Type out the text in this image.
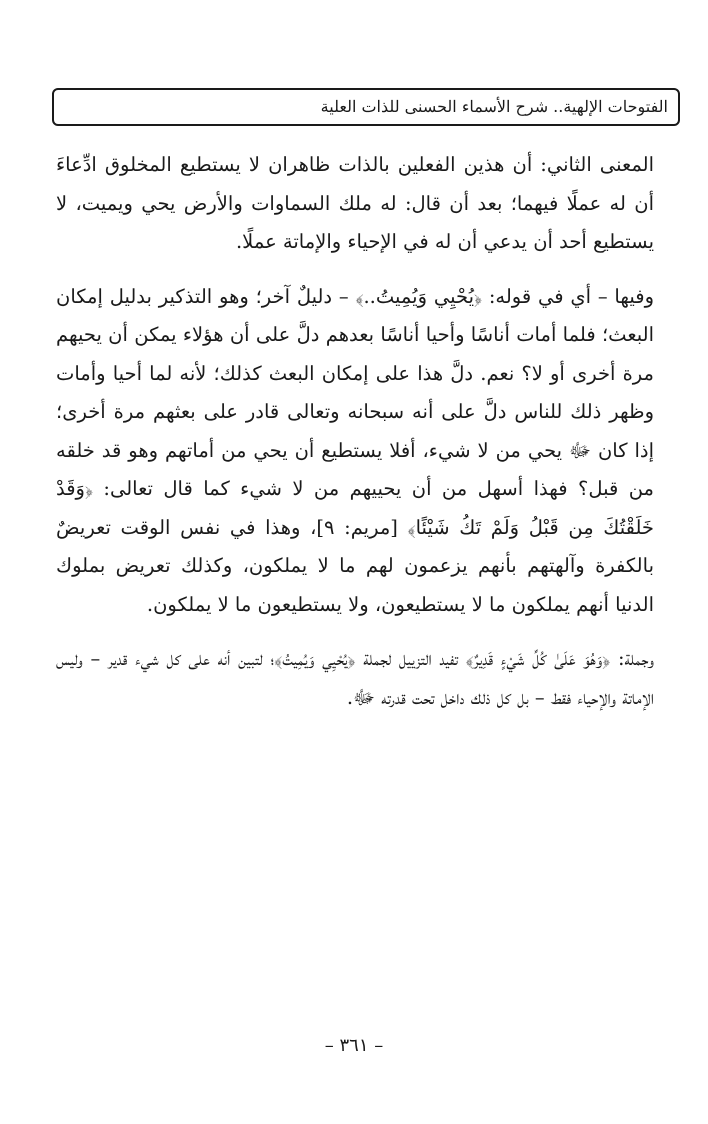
الفتوحات الإلهية.. شرح الأسماء الحسنى للذات العلية

المعنى الثاني: أن هذين الفعلين بالذات ظاهران لا يستطيع المخلوق ادِّعاءَ أن له عملًا فيهما؛ بعد أن قال: له ملك السماوات والأرض يحي ويميت، لا يستطيع أحد أن يدعي أن له في الإحياء والإماتة عملًا.

وفيها – أي في قوله: ﴿يُحْيِي وَيُمِيتُ..﴾ – دليلٌ آخر؛ وهو التذكير بدليل إمكان البعث؛ فلما أمات أناسًا وأحيا أناسًا بعدهم دلَّ على أن هؤلاء يمكن أن يحيهم مرة أخرى أو لا؟ نعم. دلَّ هذا على إمكان البعث كذلك؛ لأنه لما أحيا وأمات وظهر ذلك للناس دلَّ على أنه سبحانه وتعالى قادر على بعثهم مرة أخرى؛ إذا كان ﷻ يحي من لا شيء، أفلا يستطيع أن يحي من أماتهم وهو قد خلقه من قبل؟ فهذا أسهل من أن يحييهم من لا شيء كما قال تعالى: ﴿وَقَدْ خَلَقْتُكَ مِن قَبْلُ وَلَمْ تَكُ شَيْئًا﴾ [مريم: ٩]، وهذا في نفس الوقت تعريضٌ بالكفرة وآلهتهم بأنهم يزعمون لهم ما لا يملكون، وكذلك تعريض بملوك الدنيا أنهم يملكون ما لا يستطيعون، ولا يستطيعون ما لا يملكون.

وجملة: ﴿وَهُوَ عَلَىٰ كُلِّ شَيْءٍ قَدِيرٌ﴾ تفيد التزييل لجملة ﴿يُحْيِي وَيُمِيتُ﴾؛ لتبين أنه على كل شيء قدير – وليس الإماتة والإحياء فقط – بل كل ذلك داخل تحت قدرته ﷻ.

– ٣٦١ –
